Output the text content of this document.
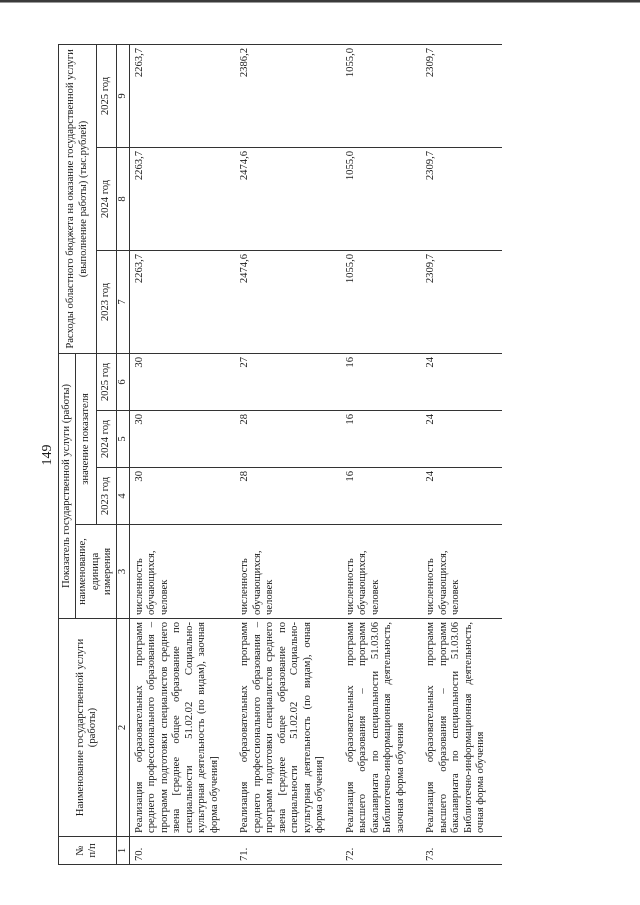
149
№ п/п	Наименование государственной услуги (работы)	Показатель государственной услуги (работы)				Расходы областного бюджета на оказание государственной услуги (выполнение работы) (тыс.рублей)		
		наименование, единица измерения	значение показателя					
			2023 год	2024 год	2025 год	2023 год	2024 год	2025 год
1	2	3	4	5	6	7	8	9
70.	Реализация образовательных программ среднего профессионального образования – программ подготовки специалистов среднего звена [среднее общее образование по специальности 51.02.02 Социально-культурная деятельность (по видам), заочная форма обучения]	численность обучающихся, человек	30	30	30	2263,7	2263,7	2263,7
71.	Реализация образовательных программ среднего профессионального образования – программ подготовки специалистов среднего звена [среднее общее образование по специальности 51.02.02 Социально-культурная деятельность (по видам), очная форма обучения]	численность обучающихся, человек	28	28	27	2474,6	2474,6	2386,2
72.	Реализация образовательных программ высшего образования – программ бакалавриата по специальности 51.03.06 Библиотечно-информационная деятельность, заочная форма обучения	численность обучающихся, человек	16	16	16	1055,0	1055,0	1055,0
73.	Реализация образовательных программ высшего образования – программ бакалавриата по специальности 51.03.06 Библиотечно-информационная деятельность, очная форма обучения	численность обучающихся, человек	24	24	24	2309,7	2309,7	2309,7
